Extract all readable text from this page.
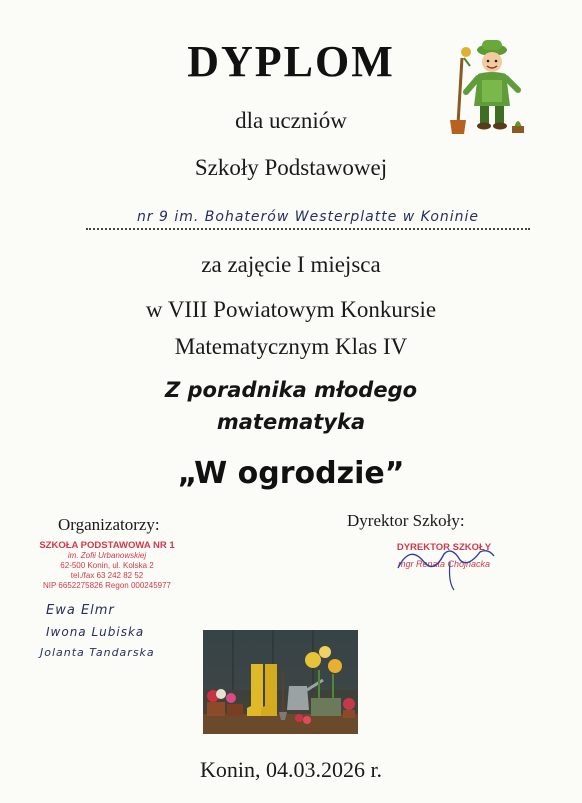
DYPLOM
dla uczniów
Szkoły Podstawowej
nr 9 im. Bohaterów Westerplatte w Koninie
za zajęcie I miejsca
w VIII Powiatowym Konkursie
Matematycznym Klas IV
Z poradnika młodego
matematyka
„W ogrodzie”
Organizatorzy:
SZKOŁA PODSTAWOWA NR 1
im. Zofii Urbanowskiej
62-500 Konin, ul. Kolska 2
tel./fax 63 242 82 52
NIP 6652275826 Regon 000245977
Ewa Elmr
Iwona Lubiska
Jolanta Tandarska
Dyrektor Szkoły:
DYREKTOR SZKOŁY
mgr Renata Chojnacka
Konin, 04.03.2026 r.
